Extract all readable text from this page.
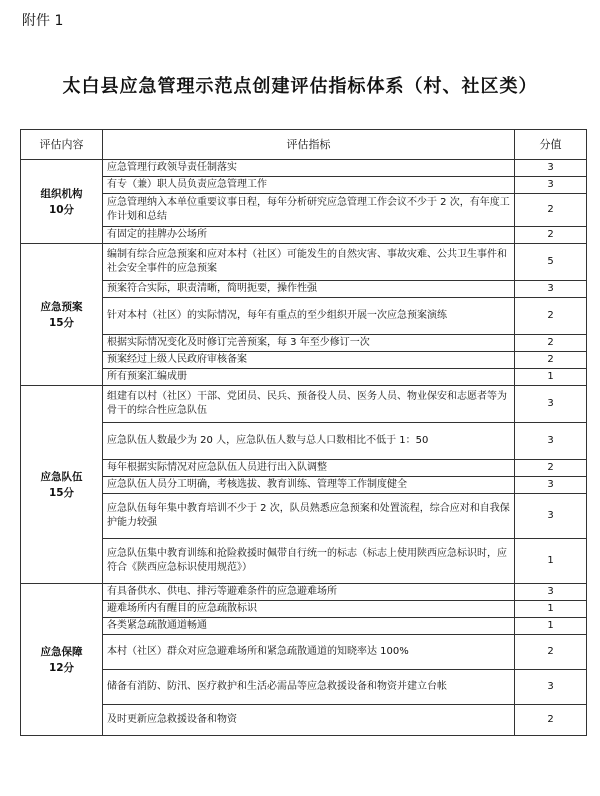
附件 1
太白县应急管理示范点创建评估指标体系（村、社区类）
评估内容	评估指标	分值

组织机构
10分	应急管理行政领导责任制落实	3
	有专（兼）职人员负责应急管理工作	3
	应急管理纳入本单位重要议事日程，每年分析研究应急管理工作会议不少于 2 次，有年度工作计划和总结	2
	有固定的挂牌办公场所	2

应急预案
15分	编制有综合应急预案和应对本村（社区）可能发生的自然灾害、事故灾难、公共卫生事件和社会安全事件的应急预案	5
	预案符合实际，职责清晰，简明扼要，操作性强	3
	针对本村（社区）的实际情况，每年有重点的至少组织开展一次应急预案演练	2
	根据实际情况变化及时修订完善预案，每 3 年至少修订一次	2
	预案经过上级人民政府审核备案	2
	所有预案汇编成册	1

应急队伍
15分	组建有以村（社区）干部、党团员、民兵、预备役人员、医务人员、物业保安和志愿者等为骨干的综合性应急队伍	3
	应急队伍人数最少为 20 人，应急队伍人数与总人口数相比不低于 1：50	3
	每年根据实际情况对应急队伍人员进行出入队调整	2
	应急队伍人员分工明确，考核选拔、教育训练、管理等工作制度健全	3
	应急队伍每年集中教育培训不少于 2 次，队员熟悉应急预案和处置流程，综合应对和自我保护能力较强	3
	应急队伍集中教育训练和抢险救援时佩带自行统一的标志（标志上使用陕西应急标识时，应符合《陕西应急标识使用规范》）	1

应急保障
12分	有具备供水、供电、排污等避难条件的应急避难场所	3
	避难场所内有醒目的应急疏散标识	1
	各类紧急疏散通道畅通	1
	本村（社区）群众对应急避难场所和紧急疏散通道的知晓率达 100%	2
	储备有消防、防汛、医疗救护和生活必需品等应急救援设备和物资并建立台帐	3
	及时更新应急救援设备和物资	2
